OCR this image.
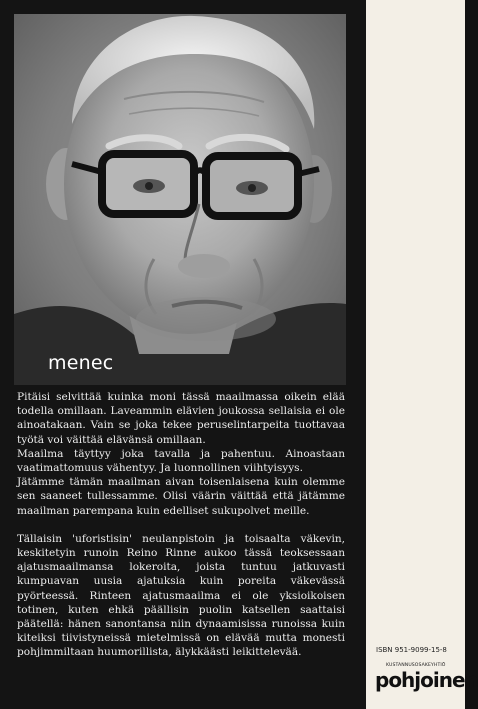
menec

Pitäisi selvittää kuinka moni tässä maailmassa oikein elää todella omillaan. Laveammin elävien joukossa sellaisia ei ole ainoatakaan. Vain se joka tekee peruselintarpeita tuottavaa työtä voi väittää elävänsä omillaan.

Maailma täyttyy joka tavalla ja pahentuu. Ainoastaan vaatimattomuus vähentyy. Ja luonnollinen viihtyisyys.

Jätämme tämän maailman aivan toisenlaisena kuin olemme sen saaneet tullessamme. Olisi väärin väittää että jätämme maailman parempana kuin edelliset sukupolvet meille.

Tällaisin 'uforistisin' neulanpistoin ja toisaalta väkevin, keskitetyin runoin Reino Rinne aukoo tässä teoksessaan ajatusmaailmansa lokeroita, joista tuntuu jatkuvasti kumpuavan uusia ajatuksia kuin poreita väkevässä pyörteessä. Rinteen ajatusmaailma ei ole yksioikoisen totinen, kuten ehkä päällisin puolin katsellen saattaisi päätellä: hänen sanontansa niin dynaamisissa runoissa kuin kiteiksi tiivistyneissä mietelmissä on elävää mutta monesti pohjimmiltaan huumorillista, älykkäästi leikittelevää.	ISBN 951-9099-15-8
KUSTANNUSOSAKEYHTIÖ
pohjoinen
